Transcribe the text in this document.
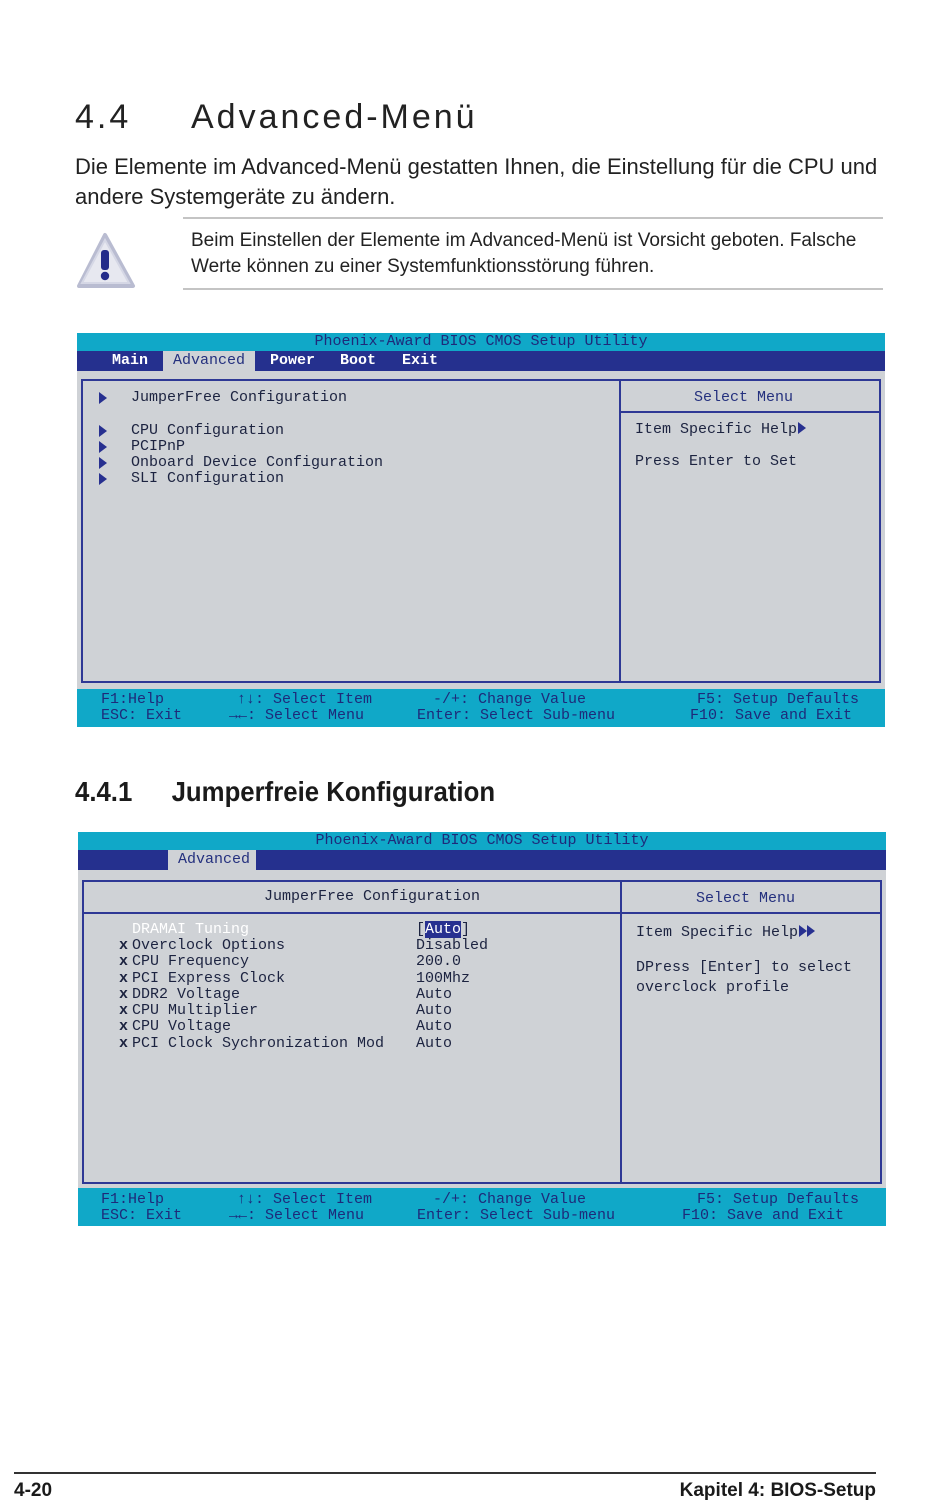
4.4 Advanced-Menü
Die Elemente im Advanced-Menü gestatten Ihnen, die Einstellung für die CPU und andere Systemgeräte zu ändern.
Beim Einstellen der Elemente im Advanced-Menü ist Vorsicht geboten. Falsche Werte können zu einer Systemfunktionsstörung führen.
Phoenix-Award BIOS CMOS Setup Utility
Main	Advanced	Power Boot Exit
JumperFree Configuration
CPU Configuration
PCIPnP
Onboard Device Configuration
SLI Configuration
Select Menu
Item Specific Help
Press Enter to Set
F1:Help
ESC: Exit
↑↓: Select Item
→←: Select Menu
-/+: Change Value
Enter: Select Sub-menu
F5: Setup Defaults
F10: Save and Exit
4.4.1 Jumperfreie Konfiguration
Phoenix-Award BIOS CMOS Setup Utility
Advanced
JumperFree Configuration	Select Menu
DRAMAI Tuning	[Auto]
x Overclock Options	Disabled
x CPU Frequency	200.0
x PCI Express Clock	100Mhz
x DDR2 Voltage	Auto
x CPU Multiplier	Auto
x CPU Voltage	Auto
x PCI Clock Sychronization Mod Auto
Item Specific Help
DPress [Enter] to select
overclock profile
F1:Help
ESC: Exit
↑↓: Select Item
→←: Select Menu
-/+: Change Value
Enter: Select Sub-menu
F5: Setup Defaults
F10: Save and Exit
4-20	Kapitel 4: BIOS-Setup
